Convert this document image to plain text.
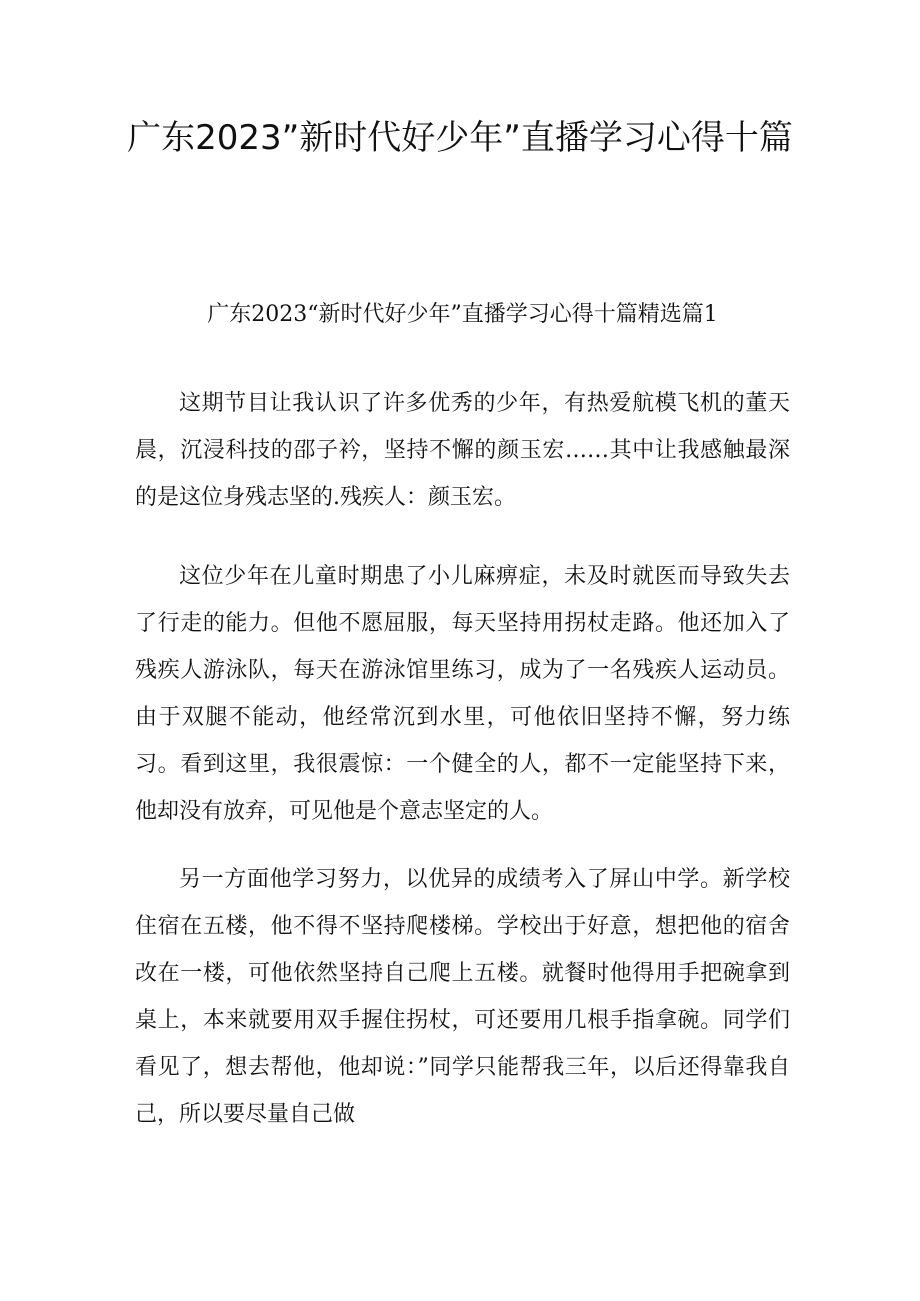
广东2023”新时代好少年”直播学习心得十篇

广东2023“新时代好少年”直播学习心得十篇精选篇1

这期节目让我认识了许多优秀的少年，有热爱航模飞机的董天晨，沉浸科技的邵子衿，坚持不懈的颜玉宏……其中让我感触最深的是这位身残志坚的.残疾人：颜玉宏。

这位少年在儿童时期患了小儿麻痹症，未及时就医而导致失去了行走的能力。但他不愿屈服，每天坚持用拐杖走路。他还加入了残疾人游泳队，每天在游泳馆里练习，成为了一名残疾人运动员。由于双腿不能动，他经常沉到水里，可他依旧坚持不懈，努力练习。看到这里，我很震惊：一个健全的人，都不一定能坚持下来，他却没有放弃，可见他是个意志坚定的人。

另一方面他学习努力，以优异的成绩考入了屏山中学。新学校住宿在五楼，他不得不坚持爬楼梯。学校出于好意，想把他的宿舍改在一楼，可他依然坚持自己爬上五楼。就餐时他得用手把碗拿到桌上，本来就要用双手握住拐杖，可还要用几根手指拿碗。同学们看见了，想去帮他，他却说：”同学只能帮我三年，以后还得靠我自己，所以要尽量自己做
